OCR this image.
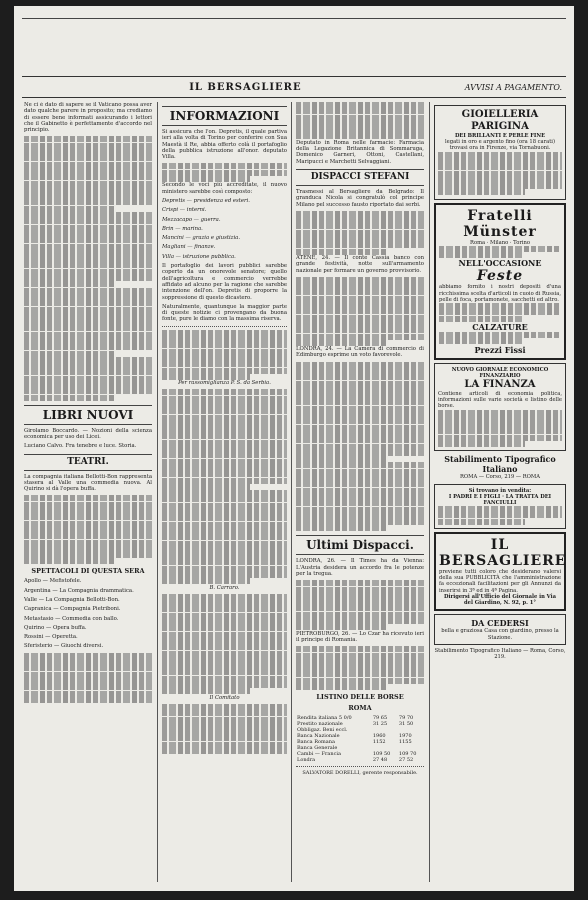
IL BERSAGLIERE	AVVISI A PAGAMENTO.

Ne ci è dato di sapere se il Vaticano possa aver dato qualche parere in proposito; ma crediamo di essere bene informati assicurando i lettori che il Gabinetto è perfettamente d'accordo nel principio.

LIBRI NUOVI

Girolamo Boccardo. — Nozioni della scienza economica per uso dei Licei.

Luciano Calvo. Fra tenebre e luce. Storia.

TEATRI.

La compagnia italiana Bellotti-Bon rappresenta stasera al Valle una commedia nuova. Al Quirino si dà l'opera buffa.

SPETTACOLI DI QUESTA SERA

Apollo — Mefistofele.

Argentina — La Compagnia drammatica.

Valle — La Compagnia Bellotti-Bon.

Capranica — Compagnia Pietriboni.

Metastasio — Commedia con ballo.

Quirino — Opera buffa.

Rossini — Operetta.

Sferisterio — Giuochi diversi.

INFORMAZIONI

Si assicura che l'on. Depretis, il quale partiva ieri alla volta di Torino per conferire con Sua Maestà il Re, abbia offerto colà il portafoglio della pubblica istruzione all'onor. deputato Villa.

Secondo le voci più accreditate, il nuovo ministero sarebbe così composto:

Depretis — presidenza ed esteri.

Crispi — interni.

Mezzacapo — guerra.

Brin — marina.

Mancini — grazia e giustizia.

Magliani — finanze.

Villa — istruzione pubblica.

Il portafoglio dei lavori pubblici sarebbe coperto da un onorevole senatore; quello dell'agricoltura e commercio verrebbe affidato ad alcuno per la ragione che sarebbe intenzione dell'on. Depretis di proporre la soppressione di questo dicastero.

Naturalmente, quantunque la maggior parte di queste notizie ci provengano da buona fonte, pure le diamo con la massima riserva.

Per rassomiglianza P. S. da Serbia.

B. Carraro.

Il Comitato

Deputato in Roma nelle farmacie: Farmacia della Legazione Britannica di Sommaruga, Domenico Garneri, Ottoni, Castellani, Maripucci e Marchetti Selvaggiani.

DISPACCI STEFANI

Trasmessi al Bersagliere da Belgrado: Il granduca Nicola si congratulò col principe Milano pel successo fausto riportato dai serbi.

ATENE, 24. — Il conte Cassia banco con grande festività, notte sull'armamento nazionale per formare un governo provvisorio.

LONDRA, 24. — La Camera di commercio di Edimburgo esprime un voto favorevole.

Ultimi Dispacci.

LONDRA, 26. — Il Times ha da Vienna: L'Austria desidera un accordo fra le potenze per la tregua.

PIETROBURGO, 26. — Lo Czar ha ricevuto ieri il principe di Romania.

LISTINO DELLE BORSE
ROMA
Rendita italiana 5 0/0	79 65	79 70
Prestito nazionale	31 25	31 50
Obbligaz. Beni eccl.		
Banca Nazionale	1960	1970
Banca Romana	1152	1155
Banca Generale		
Cambi — Francia	109 50	109 70
Londra	27 48	27 52

SALVATORE DORELLI, gerente responsabile.

GIOIELLERIA PARIGINA
DEI BRILLANTI E PERLE FINE
legati in oro e argento fino (ora 18 carati) trovasi ora in Firenze, via Tornabuoni.
Fratelli Münster
Roma · Milano · Torino
NELL'OCCASIONE
Feste
abbiamo fornito i nostri depositi d'una ricchissima scelta d'articoli in cuoio di Russia, pelle di foca, portamonete, sacchetti ed altro.
CALZATURE
Prezzi Fissi
NUOVO GIORNALE ECONOMICO FINANZIARIO
LA FINANZA
Contiene articoli di economia politica, informazioni sulle varie società e listino delle borse.
Stabilimento Tipografico Italiano
ROMA — Corso, 219 — ROMA
Si trovano in vendita:
I PADRI E I FIGLI · LA TRATTA DEI FANCIULLI
IL BERSAGLIERE
previene tutti coloro che desiderano valersi della sua PUBBLICITÀ che l'amministrazione fa eccezionali facilitazioni per gli Annunzi da inserirsi in 3ª ed in 4ª Pagina.
Dirigersi all'Ufficio del Giornale in Via del Giardino, N. 92, p. 1°
DA CEDERSI
bella e graziosa Casa con giardino, presso la Stazione.
Stabilimento Tipografico Italiano — Roma, Corso, 219.
